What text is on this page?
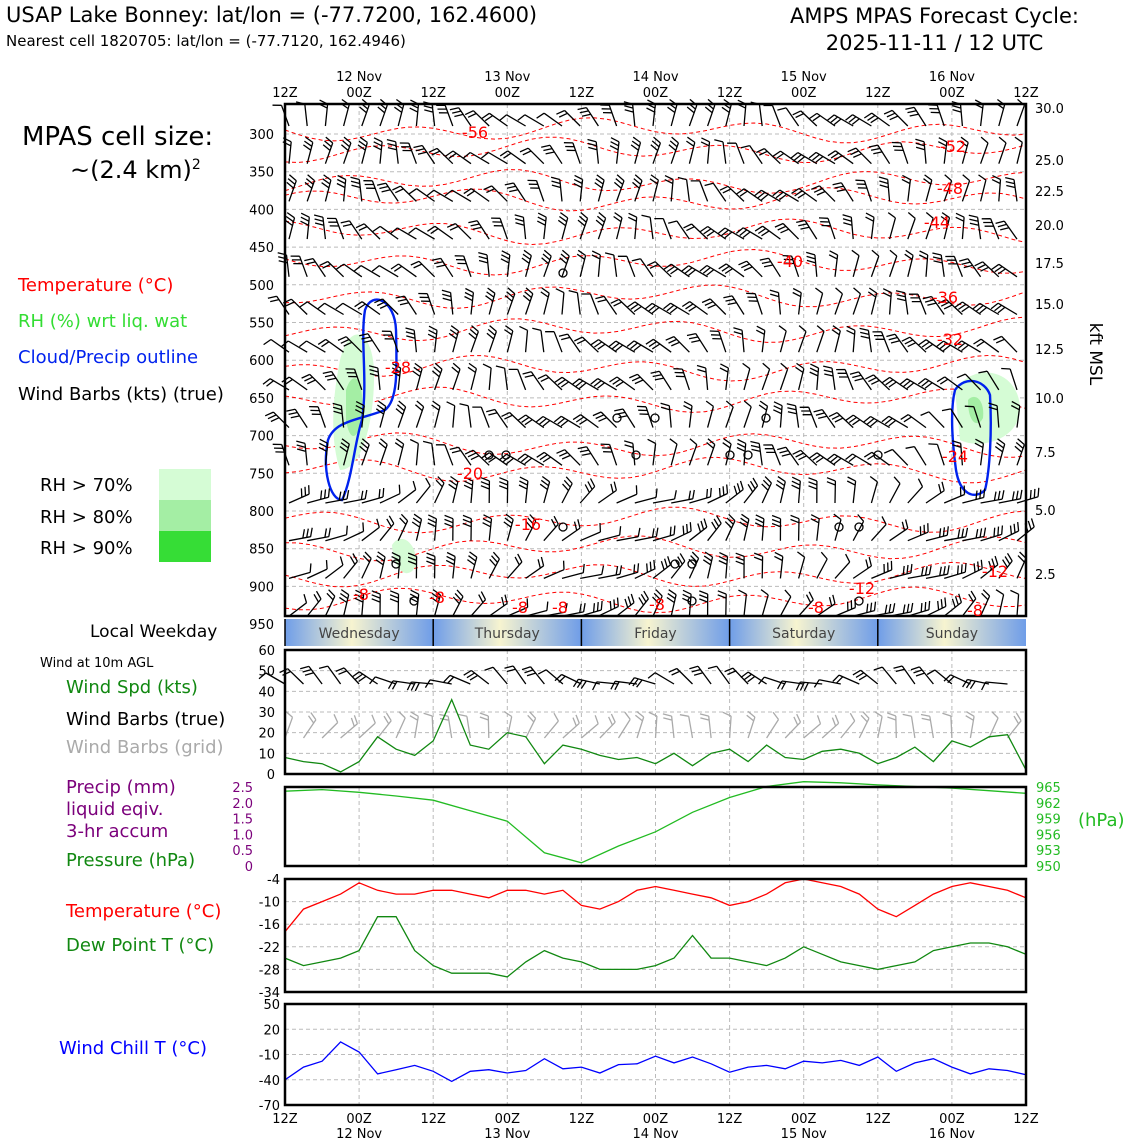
USAP Lake Bonney: lat/lon = (-77.7200, 162.4600)
Nearest cell 1820705: lat/lon = (-77.7120, 162.4946)
AMPS MPAS Forecast Cycle:
2025-11-11 / 12 UTC
MPAS cell size:
~(2.4 km)$^2$
Temperature (°C)
RH (%) wrt liq. wat
Cloud/Precip outline
Wind Barbs (kts) (true)
RH > 70%
RH > 80%
RH > 90%
Local Weekday
Wind at 10m AGL
Wind Spd (kts)
Wind Barbs (true)
Wind Barbs (grid)
Precip (mm)
liquid eqiv.
3-hr accum
Pressure (hPa)
Temperature (°C)
Dew Point T (°C)
Wind Chill T (°C)
300
350
400
450
500
550
600
650
700
750
800
850
900
950
30.0
25.0
22.5
20.0
17.5
15.0
12.5
10.0
7.5
5.0
2.5
kft MSL
12Z
12Z
00Z
00Z
12Z
12Z
00Z
00Z
12Z
12Z
00Z
00Z
12Z
12Z
00Z
00Z
12Z
12Z
00Z
00Z
12Z
12Z
12 Nov
12 Nov
13 Nov
13 Nov
14 Nov
14 Nov
15 Nov
15 Nov
16 Nov
16 Nov
-56
-52
-48
-44
-40
-36
-32
-28
-24
-20
-16
-12
-12
-8	-8
-8 -8	-8	-8	-8
Wednesday	Thursday	Friday	Saturday	Sunday
60
50
40
30
20
10
0
2.5
2.0
1.5
1.0
0.5
0
965
962
959
956
953
950
(hPa)
-4
-10
-16
-22
-28
-34
50
20
-10
-40
-70
